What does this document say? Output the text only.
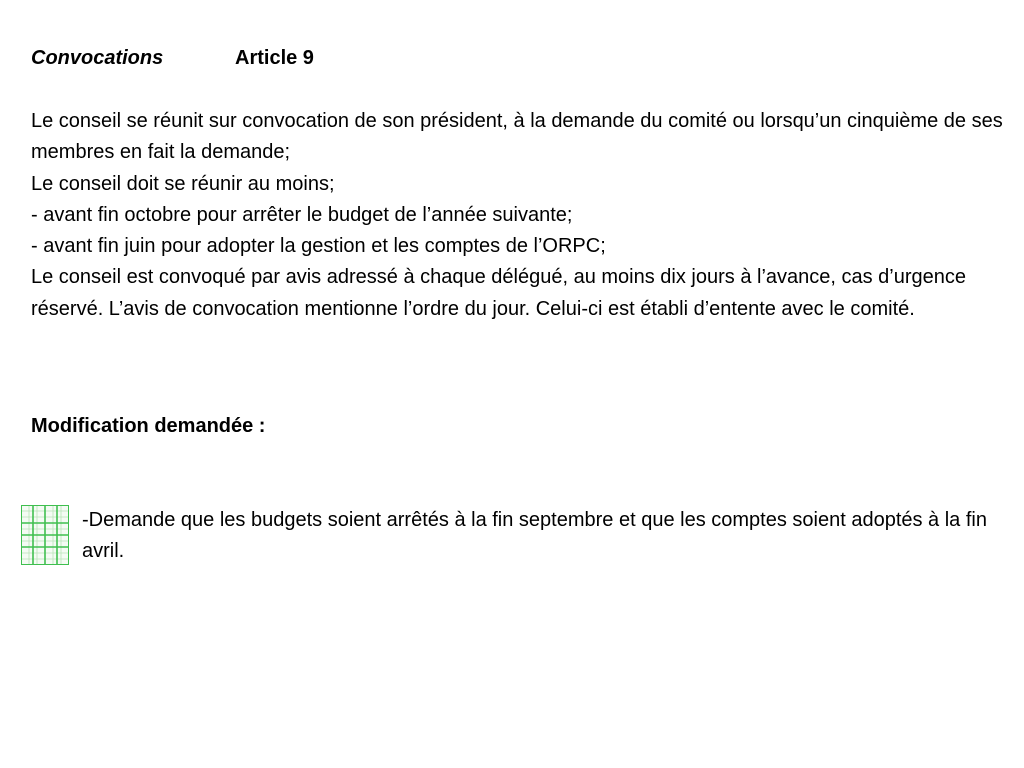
Convocations	Article 9

Le conseil se réunit sur convocation de son président, à la demande du comité ou lorsqu’un cinquième de ses membres en fait la demande;

Le conseil doit se réunir au moins;

- avant fin octobre pour arrêter le budget de l’année suivante;

- avant fin juin pour adopter la gestion et les comptes de l’ORPC;

Le conseil est convoqué par avis adressé à chaque délégué, au moins dix jours à l’avance, cas d’urgence réservé. L’avis de convocation mentionne l’ordre du jour. Celui-ci est établi d’entente avec le comité.

Modification demandée :
-Demande que les budgets soient arrêtés à la fin septembre et que les comptes soient adoptés à la fin avril.
